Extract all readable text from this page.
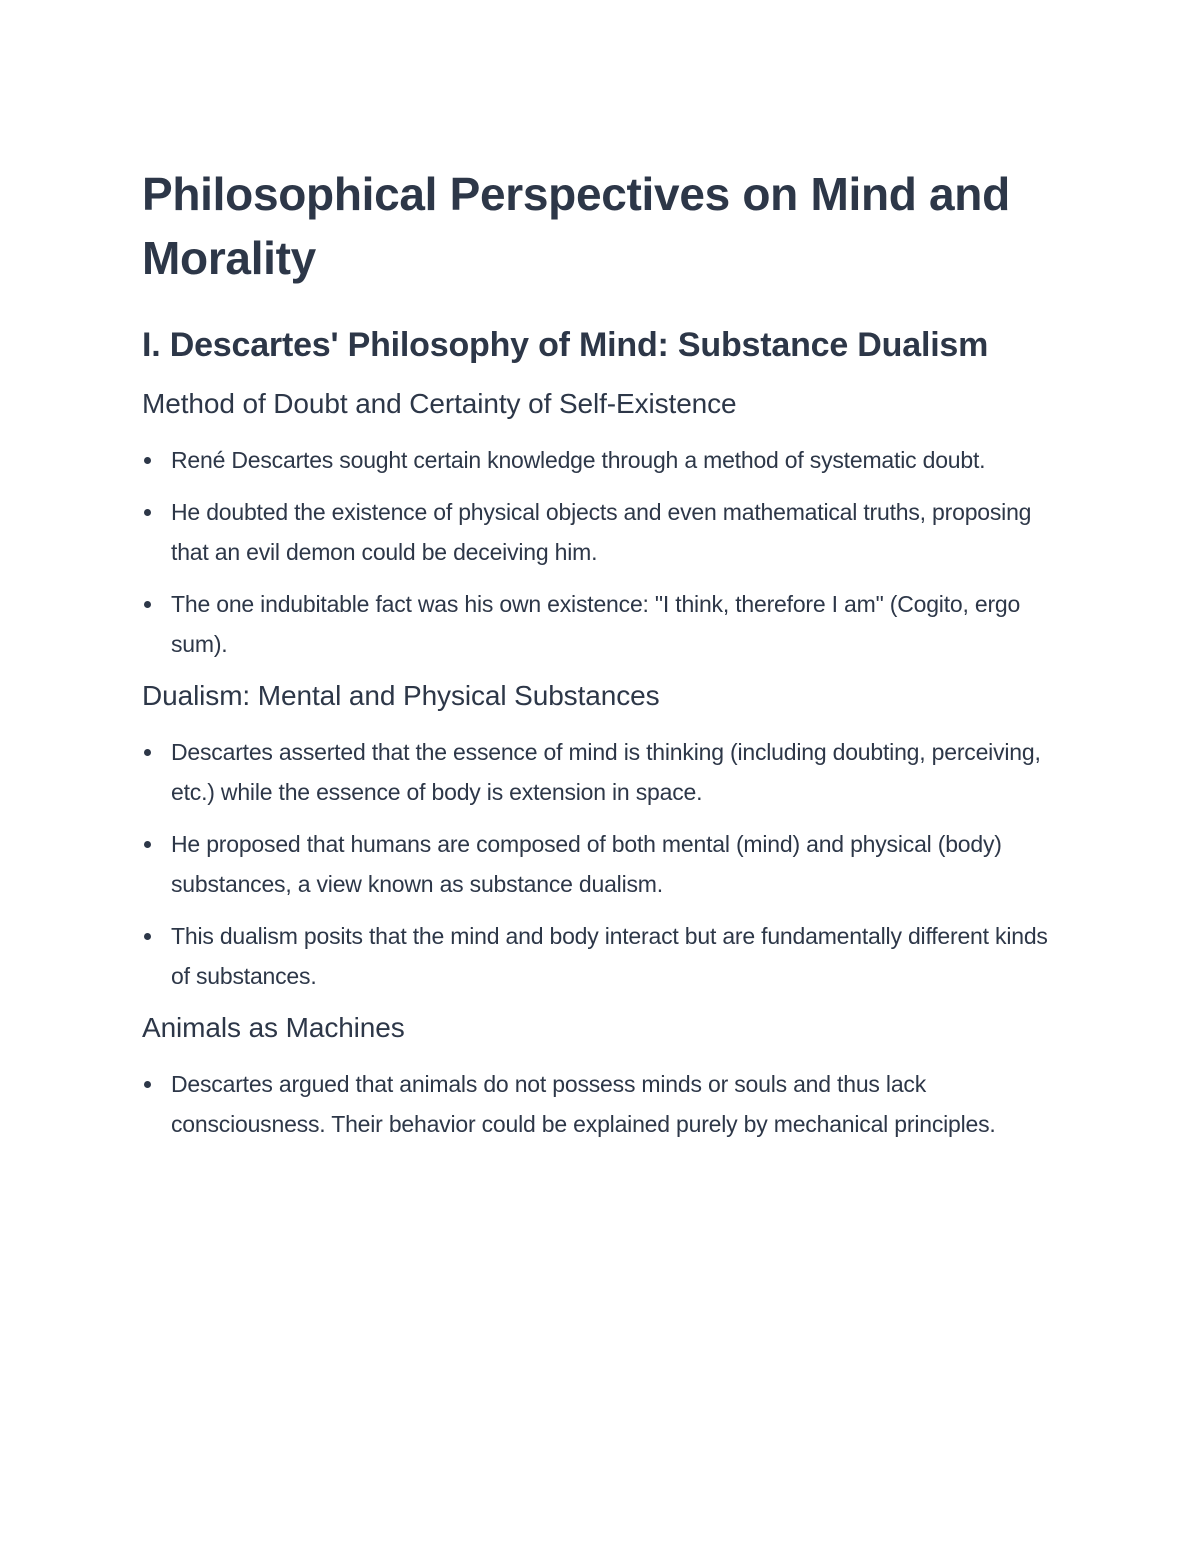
Philosophical Perspectives on Mind and Morality
I. Descartes' Philosophy of Mind: Substance Dualism
Method of Doubt and Certainty of Self-Existence
René Descartes sought certain knowledge through a method of systematic doubt.
He doubted the existence of physical objects and even mathematical truths, proposing that an evil demon could be deceiving him.
The one indubitable fact was his own existence: "I think, therefore I am" (Cogito, ergo sum).
Dualism: Mental and Physical Substances
Descartes asserted that the essence of mind is thinking (including doubting, perceiving, etc.) while the essence of body is extension in space.
He proposed that humans are composed of both mental (mind) and physical (body) substances, a view known as substance dualism.
This dualism posits that the mind and body interact but are fundamentally different kinds of substances.
Animals as Machines
Descartes argued that animals do not possess minds or souls and thus lack consciousness. Their behavior could be explained purely by mechanical principles.
